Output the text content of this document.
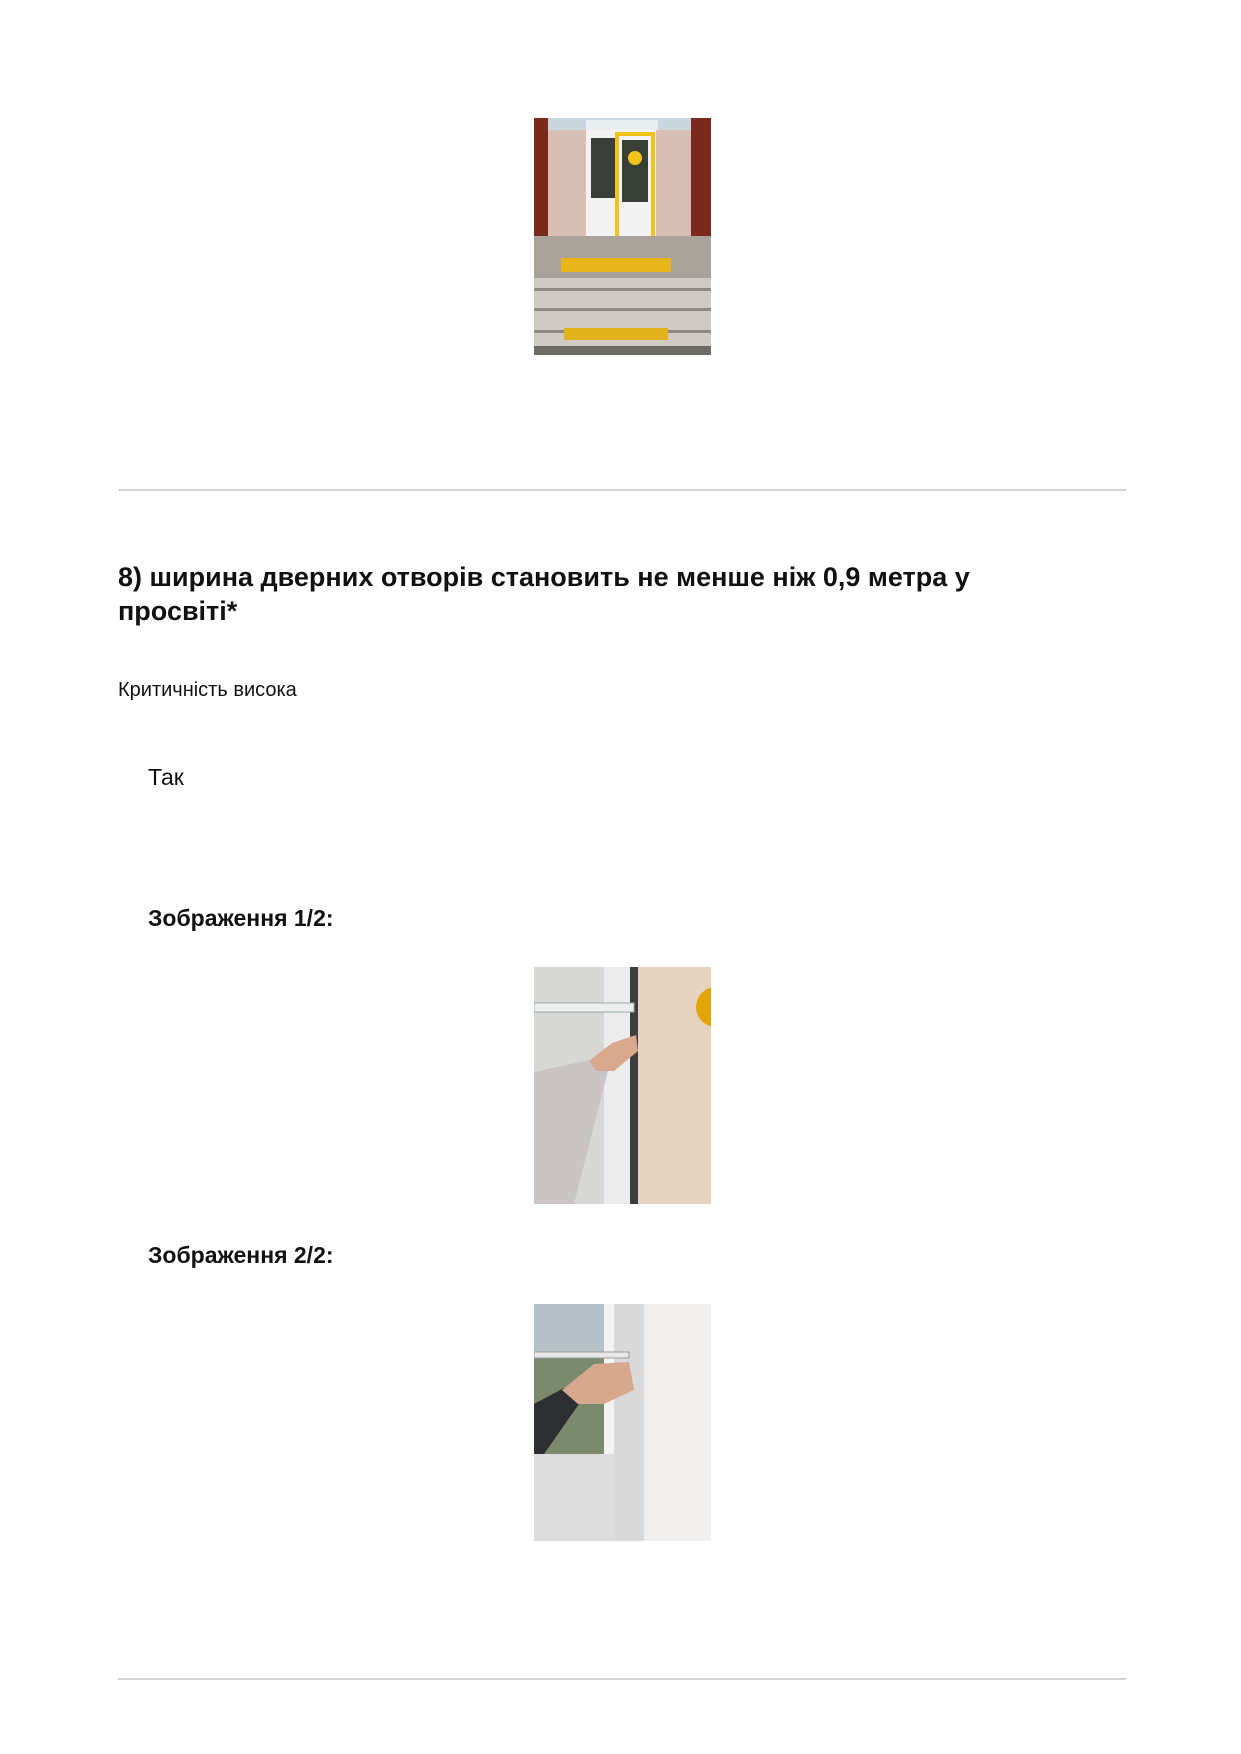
8) ширина дверних отворів становить не менше ніж 0,9 метра у просвіті*
Критичність висока
Так
Зображення 1/2:
Зображення 2/2:
